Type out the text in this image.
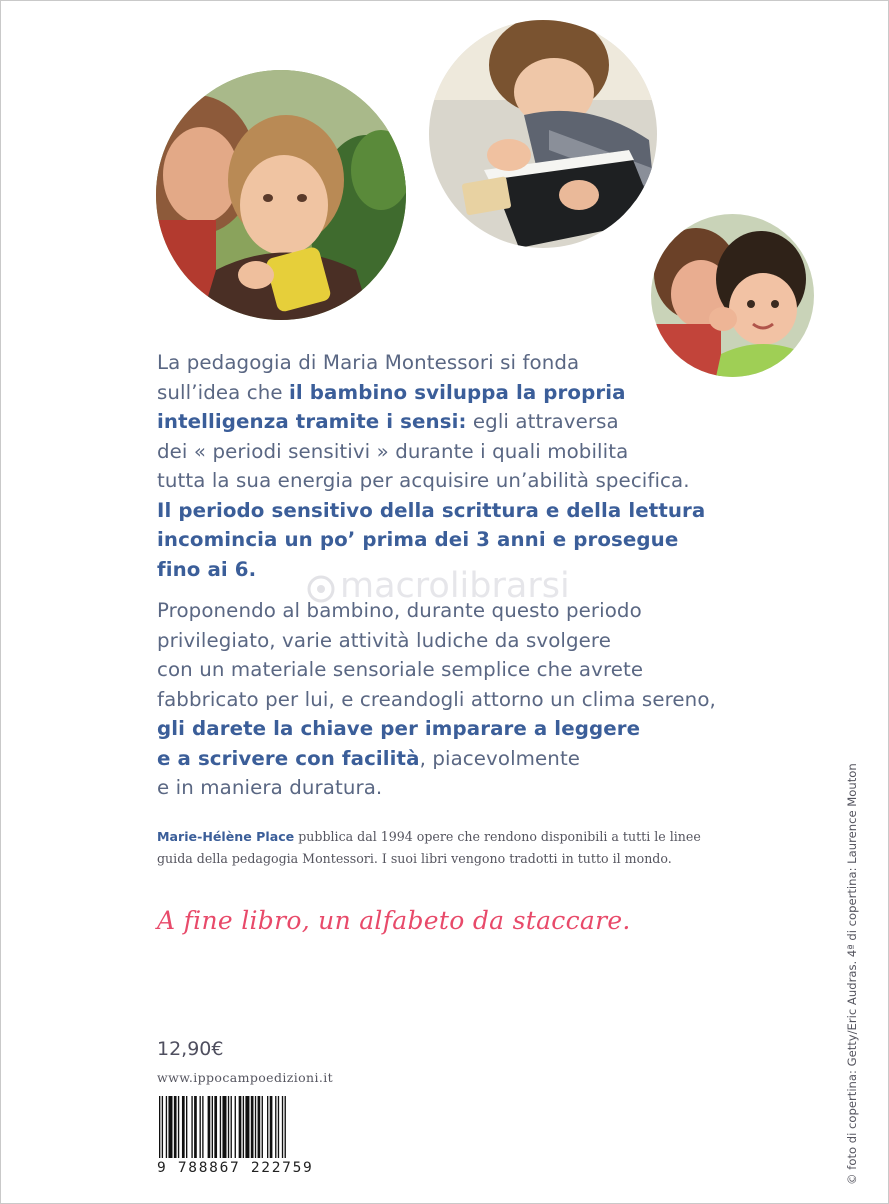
La pedagogia di Maria Montessori si fonda
sull’idea che il bambino sviluppa la propria
intelligenza tramite i sensi: egli attraversa
dei « periodi sensitivi » durante i quali mobilita
tutta la sua energia per acquisire un’abilità specifica.
Il periodo sensitivo della scrittura e della lettura
incomincia un po’ prima dei 3 anni e prosegue
fino ai 6.	macrolibrarsi
Proponendo al bambino, durante questo periodo
privilegiato, varie attività ludiche da svolgere
con un materiale sensoriale semplice che avrete
fabbricato per lui, e creandogli attorno un clima sereno,
gli darete la chiave per imparare a leggere
e a scrivere con facilità, piacevolmente
e in maniera duratura.
Marie-Hélène Place pubblica dal 1994 opere che rendono disponibili a tutti le linee
guida della pedagogia Montessori. I suoi libri vengono tradotti in tutto il mondo.
A fine libro, un alfabeto da staccare.
12,90€
www.ippocampoedizioni.it
9 788867 222759	© foto di copertina: Getty/Eric Audras. 4ª di copertina: Laurence Mouton
